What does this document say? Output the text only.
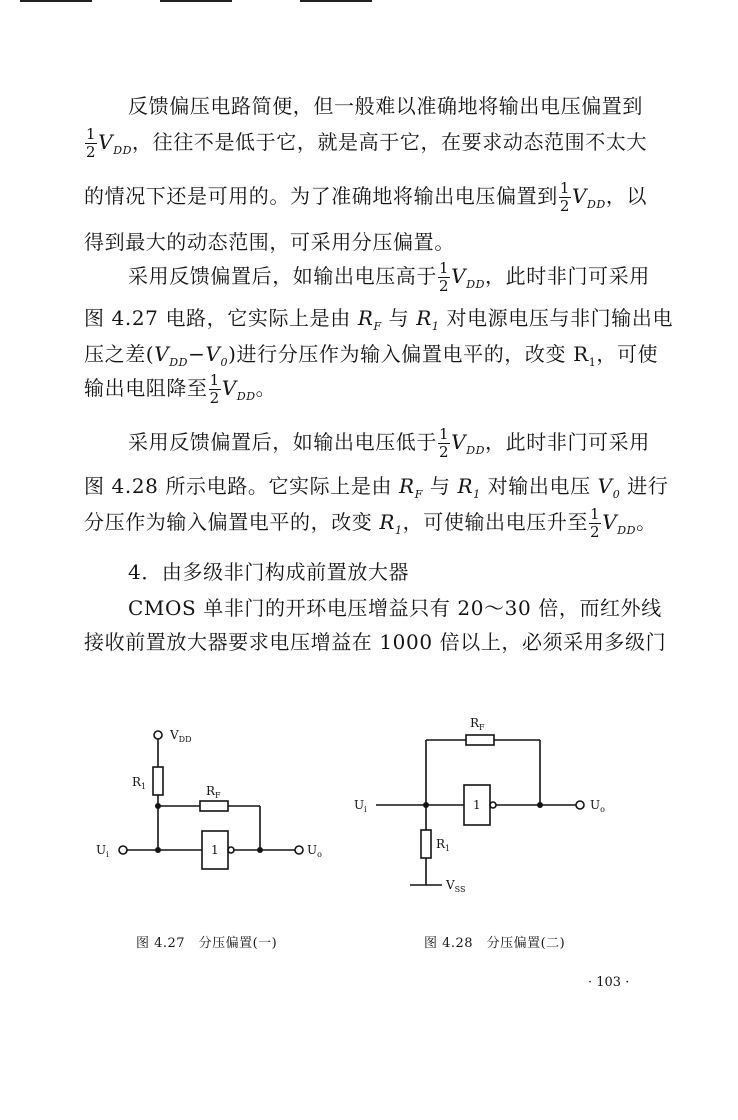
反馈偏压电路简便，但一般难以准确地将输出电压偏置到
$\frac{1}{2} V_{DD}$，往往不是低于它，就是高于它，在要求动态范围不太大
的情况下还是可用的。为了准确地将输出电压偏置到 $\frac{1}{2} V_{DD}$，以
得到最大的动态范围，可采用分压偏置。
采用反馈偏置后，如输出电压高于 $\frac{1}{2} V_{DD}$，此时非门可采用
图 4.27 电路，它实际上是由 $R_F$ 与 $R_1$ 对电源电压与非门输出电
压之差$(V_{DD}-V_0)$进行分压作为输入偏置电平的，改变 $R_1$，可使
输出电阻降至 $\frac{1}{2} V_{DD}$。
采用反馈偏置后，如输出电压低于 $\frac{1}{2} V_{DD}$，此时非门可采用
图 4.28 所示电路。它实际上是由 $R_F$ 与 $R_1$ 对输出电压 $V_0$ 进行
分压作为输入偏置电平的，改变 $R_1$，可使输出电压升至 $\frac{1}{2} V_{DD}$。
4．由多级非门构成前置放大器
CMOS 单非门的开环电压增益只有 20～30 倍，而红外线
接收前置放大器要求电压增益在 1000 倍以上，必须采用多级门
$V_{DD}$
$R_1$	$R_F$
1
$U_i$	$U_o$
$R_F$
$U_i$	1	$U_o$
$R_1$
$V_{SS}$
图 4.27　分压偏置(一)	图 4.28　分压偏置(二)
· 103 ·
